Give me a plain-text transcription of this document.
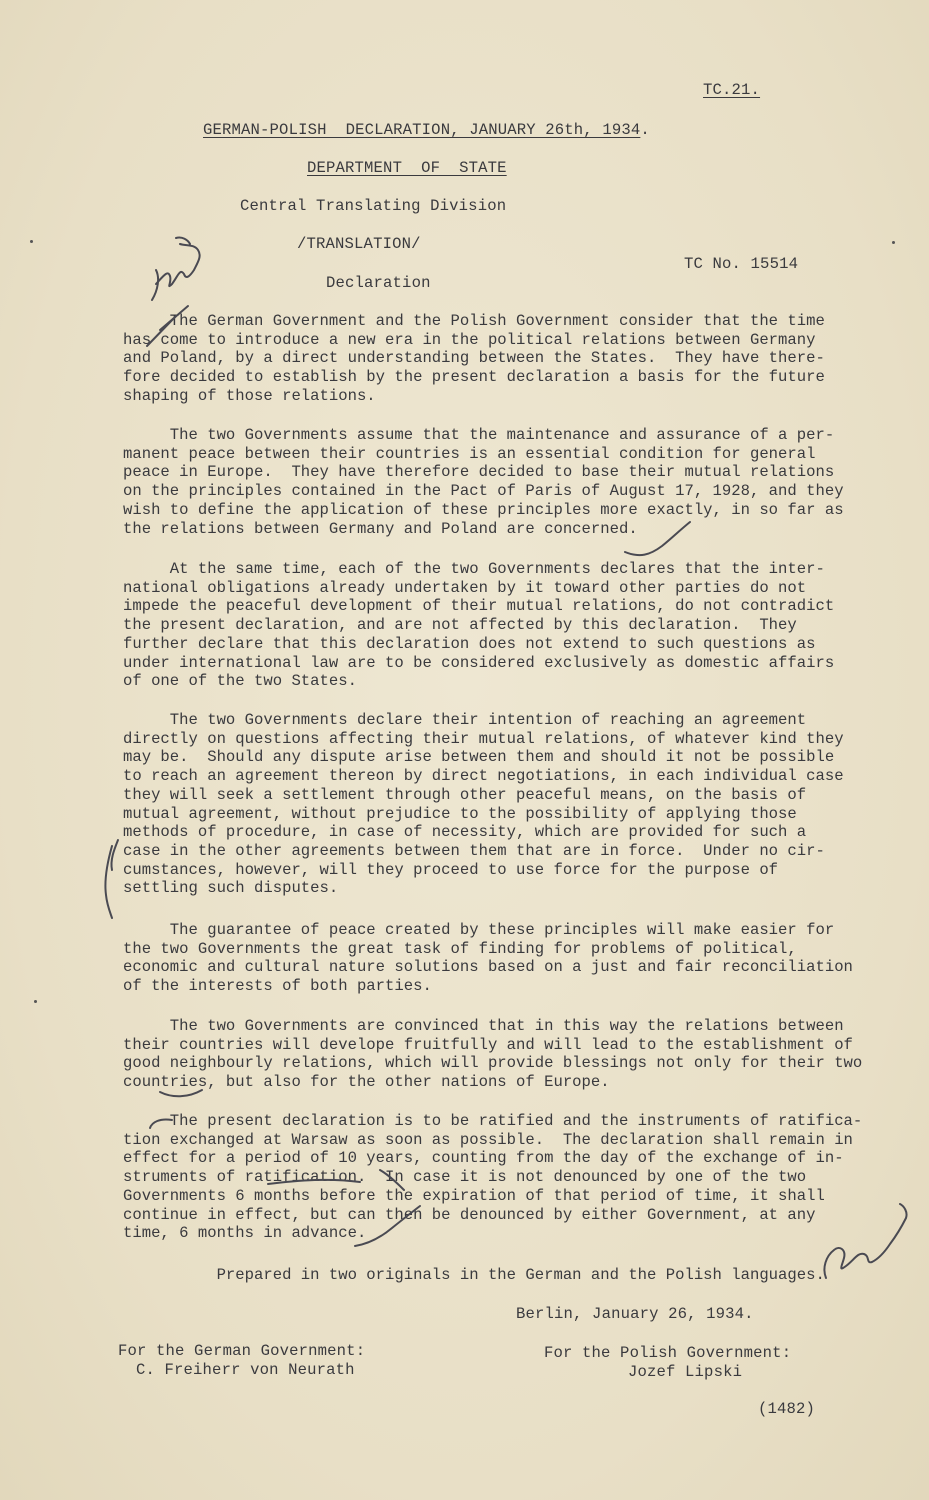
TC.21.
GERMAN-POLISH  DECLARATION, JANUARY 26th, 1934.
DEPARTMENT  OF  STATE
Central Translating Division
/TRANSLATION/
TC No. 15514
Declaration
The German Government and the Polish Government consider that the time
has come to introduce a new era in the political relations between Germany
and Poland, by a direct understanding between the States.  They have there-
fore decided to establish by the present declaration a basis for the future
shaping of those relations.
The two Governments assume that the maintenance and assurance of a per-
manent peace between their countries is an essential condition for general
peace in Europe.  They have therefore decided to base their mutual relations
on the principles contained in the Pact of Paris of August 17, 1928, and they
wish to define the application of these principles more exactly, in so far as
the relations between Germany and Poland are concerned.
At the same time, each of the two Governments declares that the inter-
national obligations already undertaken by it toward other parties do not
impede the peaceful development of their mutual relations, do not contradict
the present declaration, and are not affected by this declaration.  They
further declare that this declaration does not extend to such questions as
under international law are to be considered exclusively as domestic affairs
of one of the two States.
The two Governments declare their intention of reaching an agreement
directly on questions affecting their mutual relations, of whatever kind they
may be.  Should any dispute arise between them and should it not be possible
to reach an agreement thereon by direct negotiations, in each individual case
they will seek a settlement through other peaceful means, on the basis of
mutual agreement, without prejudice to the possibility of applying those
methods of procedure, in case of necessity, which are provided for such a
case in the other agreements between them that are in force.  Under no cir-
cumstances, however, will they proceed to use force for the purpose of
settling such disputes.
The guarantee of peace created by these principles will make easier for
the two Governments the great task of finding for problems of political,
economic and cultural nature solutions based on a just and fair reconciliation
of the interests of both parties.
The two Governments are convinced that in this way the relations between
their countries will develope fruitfully and will lead to the establishment of
good neighbourly relations, which will provide blessings not only for their two
countries, but also for the other nations of Europe.
The present declaration is to be ratified and the instruments of ratifica-
tion exchanged at Warsaw as soon as possible.  The declaration shall remain in
effect for a period of 10 years, counting from the day of the exchange of in-
struments of ratification.  In case it is not denounced by one of the two
Governments 6 months before the expiration of that period of time, it shall
continue in effect, but can then be denounced by either Government, at any
time, 6 months in advance.
Prepared in two originals in the German and the Polish languages.
Berlin, January 26, 1934.
For the German Government:
C. Freiherr von Neurath
For the Polish Government:
Jozef Lipski
(1482)
